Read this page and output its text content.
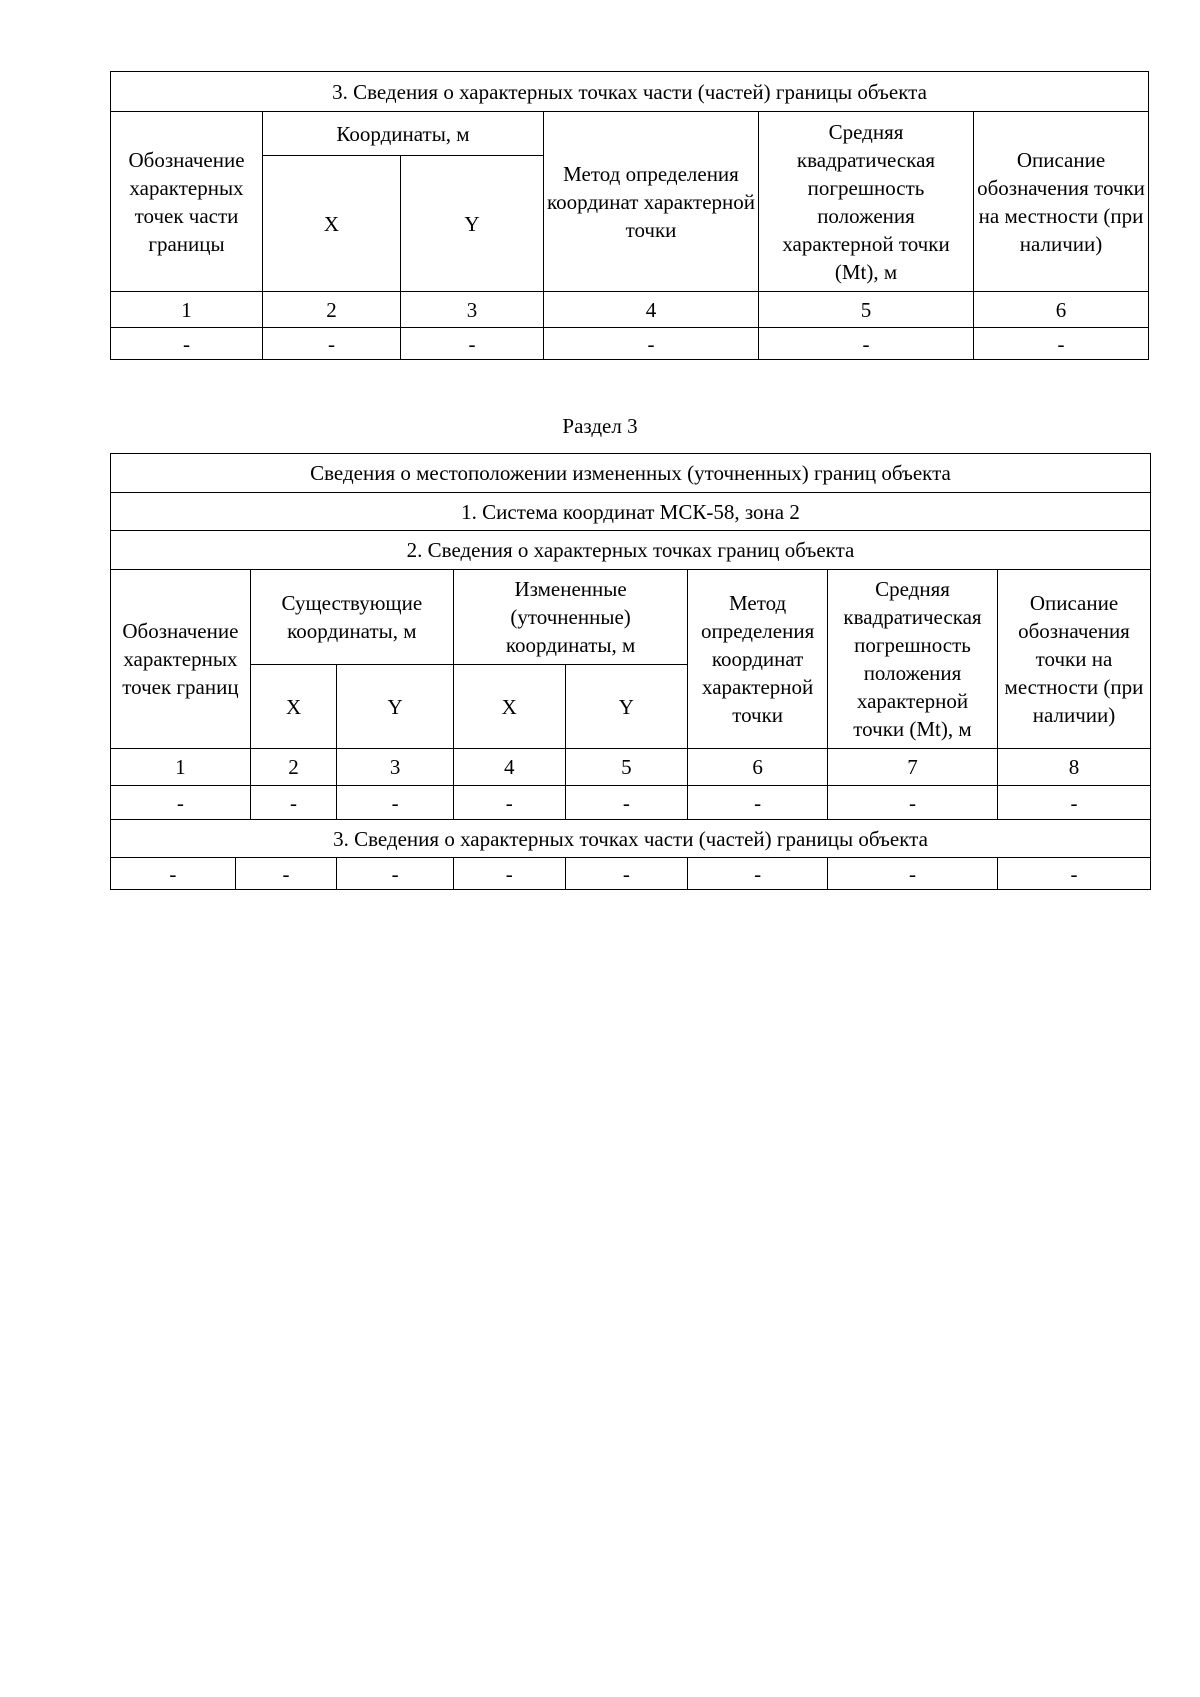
3. Сведения о характерных точках части (частей) границы объекта					
Обозначение характерных точек части границы	Координаты, м		Метод определения координат характерной точки	Средняя квадратическая погрешность положения характерной точки (Mt), м	Описание обозначения точки на местности (при наличии)
	X	Y			
1	2	3	4	5	6
-	-	-	-	-	-
Раздел 3
Сведения о местоположении измененных (уточненных) границ объекта								
1. Система координат МСК-58, зона 2								
2. Сведения о характерных точках границ объекта								
Обозначение характерных точек границ		Существующие координаты, м		Измененные (уточненные) координаты, м		Метод определения координат характерной точки	Средняя квадратическая погрешность положения характерной точки (Mt), м	Описание обозначения точки на местности (при наличии)
		X	Y	X	Y			
1		2	3	4	5	6	7	8
-		-	-	-	-	-	-	-
3. Сведения о характерных точках части (частей) границы объекта								
-	-		-	-	-	-	-	-
